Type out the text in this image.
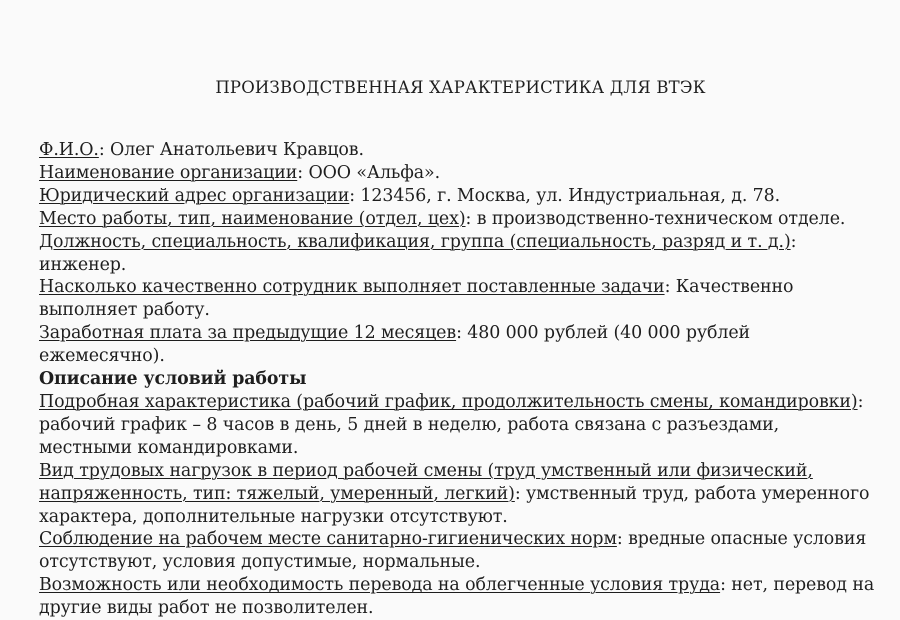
ПРОИЗВОДСТВЕННАЯ ХАРАКТЕРИСТИКА ДЛЯ ВТЭК

Ф.И.О.: Олег Анатольевич Кравцов.

Наименование организации: ООО «Альфа».

Юридический адрес организации: 123456, г. Москва, ул. Индустриальная, д. 78.

Место работы, тип, наименование (отдел, цех): в производственно-техническом отделе.

Должность, специальность, квалификация, группа (специальность, разряд и т. д.): инженер.

Насколько качественно сотрудник выполняет поставленные задачи: Качественно выполняет работу.

Заработная плата за предыдущие 12 месяцев: 480 000 рублей (40 000 рублей ежемесячно).

Описание условий работы

Подробная характеристика (рабочий график, продолжительность смены, командировки): рабочий график – 8 часов в день, 5 дней в неделю, работа связана с разъездами, местными командировками.

Вид трудовых нагрузок в период рабочей смены (труд умственный или физический, напряженность, тип: тяжелый, умеренный, легкий): умственный труд, работа умеренного характера, дополнительные нагрузки отсутствуют.

Соблюдение на рабочем месте санитарно-гигиенических норм: вредные опасные условия отсутствуют, условия допустимые, нормальные.

Возможность или необходимость перевода на облегченные условия труда: нет, перевод на другие виды работ не позволителен.
